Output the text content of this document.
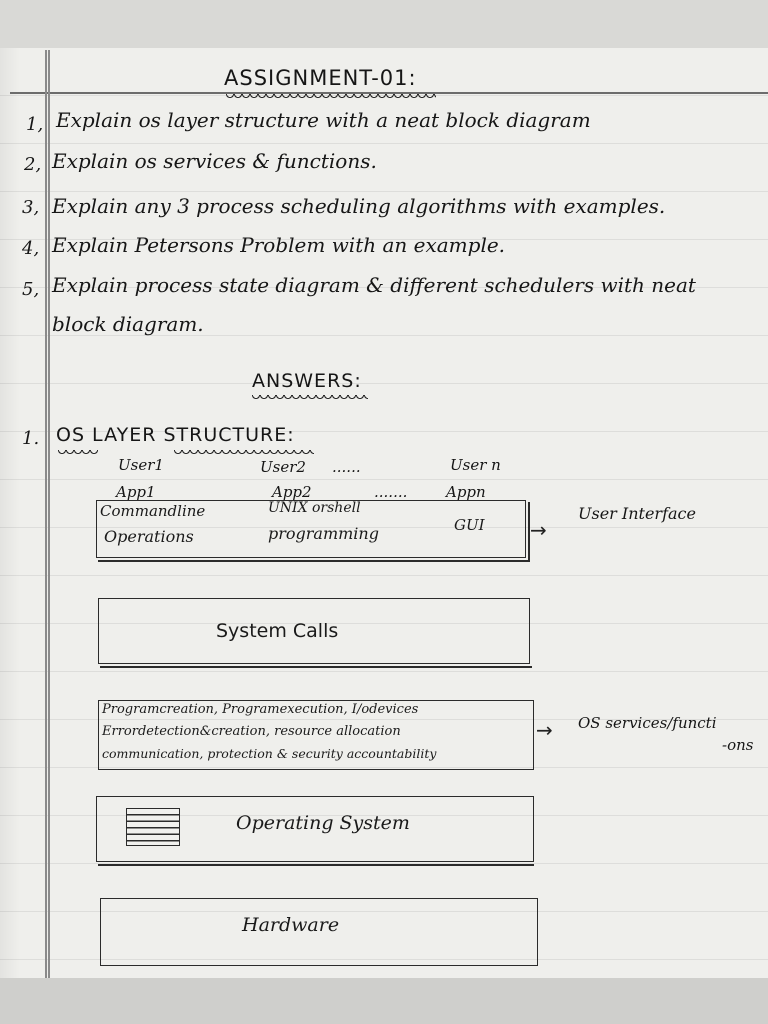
ASSIGNMENT-01:
1, Explain os layer structure with a neat block diagram
2, Explain os services & functions.
3, Explain any 3 process scheduling algorithms with examples.
4, Explain Petersons Problem with an example.
5, Explain process state diagram & different schedulers with neat
block diagram.
ANSWERS:
1. OS LAYER STRUCTURE:
User1	User2 ......	User n
App1	App2	.......	Appn
Commandline
Operations
UNIX orshell
programming	GUI →
User Interface
System Calls
Programcreation, Programexecution, I/odevices
Errordetection&creation, resource allocation
communication, protection & security accountability
→ OS services/functi
-ons
Operating System
Hardware
